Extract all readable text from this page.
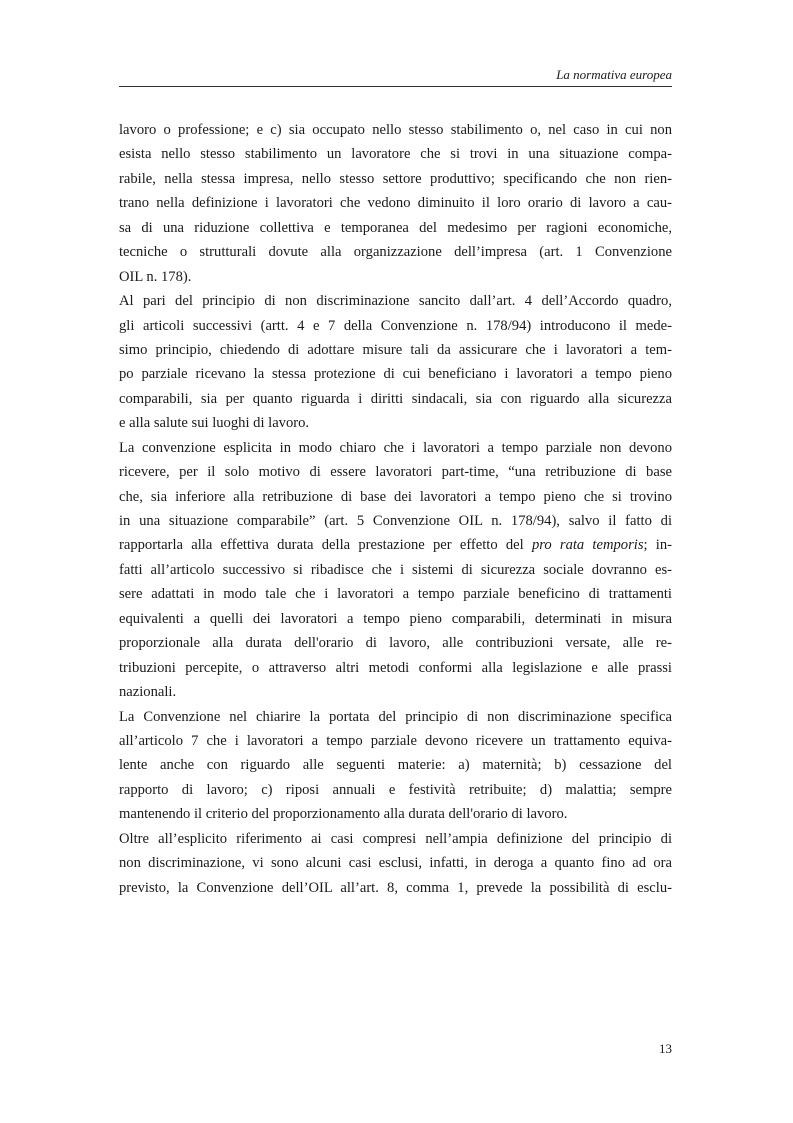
La normativa europea
lavoro o professione; e c) sia occupato nello stesso stabilimento o, nel caso in cui non
esista nello stesso stabilimento un lavoratore che si trovi in una situazione compa-
rabile, nella stessa impresa, nello stesso settore produttivo; specificando che non rien-
trano nella definizione i lavoratori che vedono diminuito il loro orario di lavoro a cau-
sa di una riduzione collettiva e temporanea del medesimo per ragioni economiche,
tecniche o strutturali dovute alla organizzazione dell’impresa (art. 1 Convenzione
OIL n. 178).
Al pari del principio di non discriminazione sancito dall’art. 4 dell’Accordo quadro,
gli articoli successivi (artt. 4 e 7 della Convenzione n. 178/94) introducono il mede-
simo principio, chiedendo di adottare misure tali da assicurare che i lavoratori a tem-
po parziale ricevano la stessa protezione di cui beneficiano i lavoratori a tempo pieno
comparabili, sia per quanto riguarda i diritti sindacali, sia con riguardo alla sicurezza
e alla salute sui luoghi di lavoro.
La convenzione esplicita in modo chiaro che i lavoratori a tempo parziale non devono
ricevere, per il solo motivo di essere lavoratori part-time, “una retribuzione di base
che, sia inferiore alla retribuzione di base dei lavoratori a tempo pieno che si trovino
in una situazione comparabile” (art. 5 Convenzione OIL n. 178/94), salvo il fatto di
rapportarla alla effettiva durata della prestazione per effetto del pro rata temporis; in-
fatti all’articolo successivo si ribadisce che i sistemi di sicurezza sociale dovranno es-
sere adattati in modo tale che i lavoratori a tempo parziale beneficino di trattamenti
equivalenti a quelli dei lavoratori a tempo pieno comparabili, determinati in misura
proporzionale alla durata dell'orario di lavoro, alle contribuzioni versate, alle re-
tribuzioni percepite, o attraverso altri metodi conformi alla legislazione e alle prassi
nazionali.
La Convenzione nel chiarire la portata del principio di non discriminazione specifica
all’articolo 7 che i lavoratori a tempo parziale devono ricevere un trattamento equiva-
lente anche con riguardo alle seguenti materie: a) maternità; b) cessazione del
rapporto di lavoro; c) riposi annuali e festività retribuite; d) malattia; sempre
mantenendo il criterio del proporzionamento alla durata dell'orario di lavoro.
Oltre all’esplicito riferimento ai casi compresi nell’ampia definizione del principio di
non discriminazione, vi sono alcuni casi esclusi, infatti, in deroga a quanto fino ad ora
previsto, la Convenzione dell’OIL all’art. 8, comma 1, prevede la possibilità di esclu-
13
